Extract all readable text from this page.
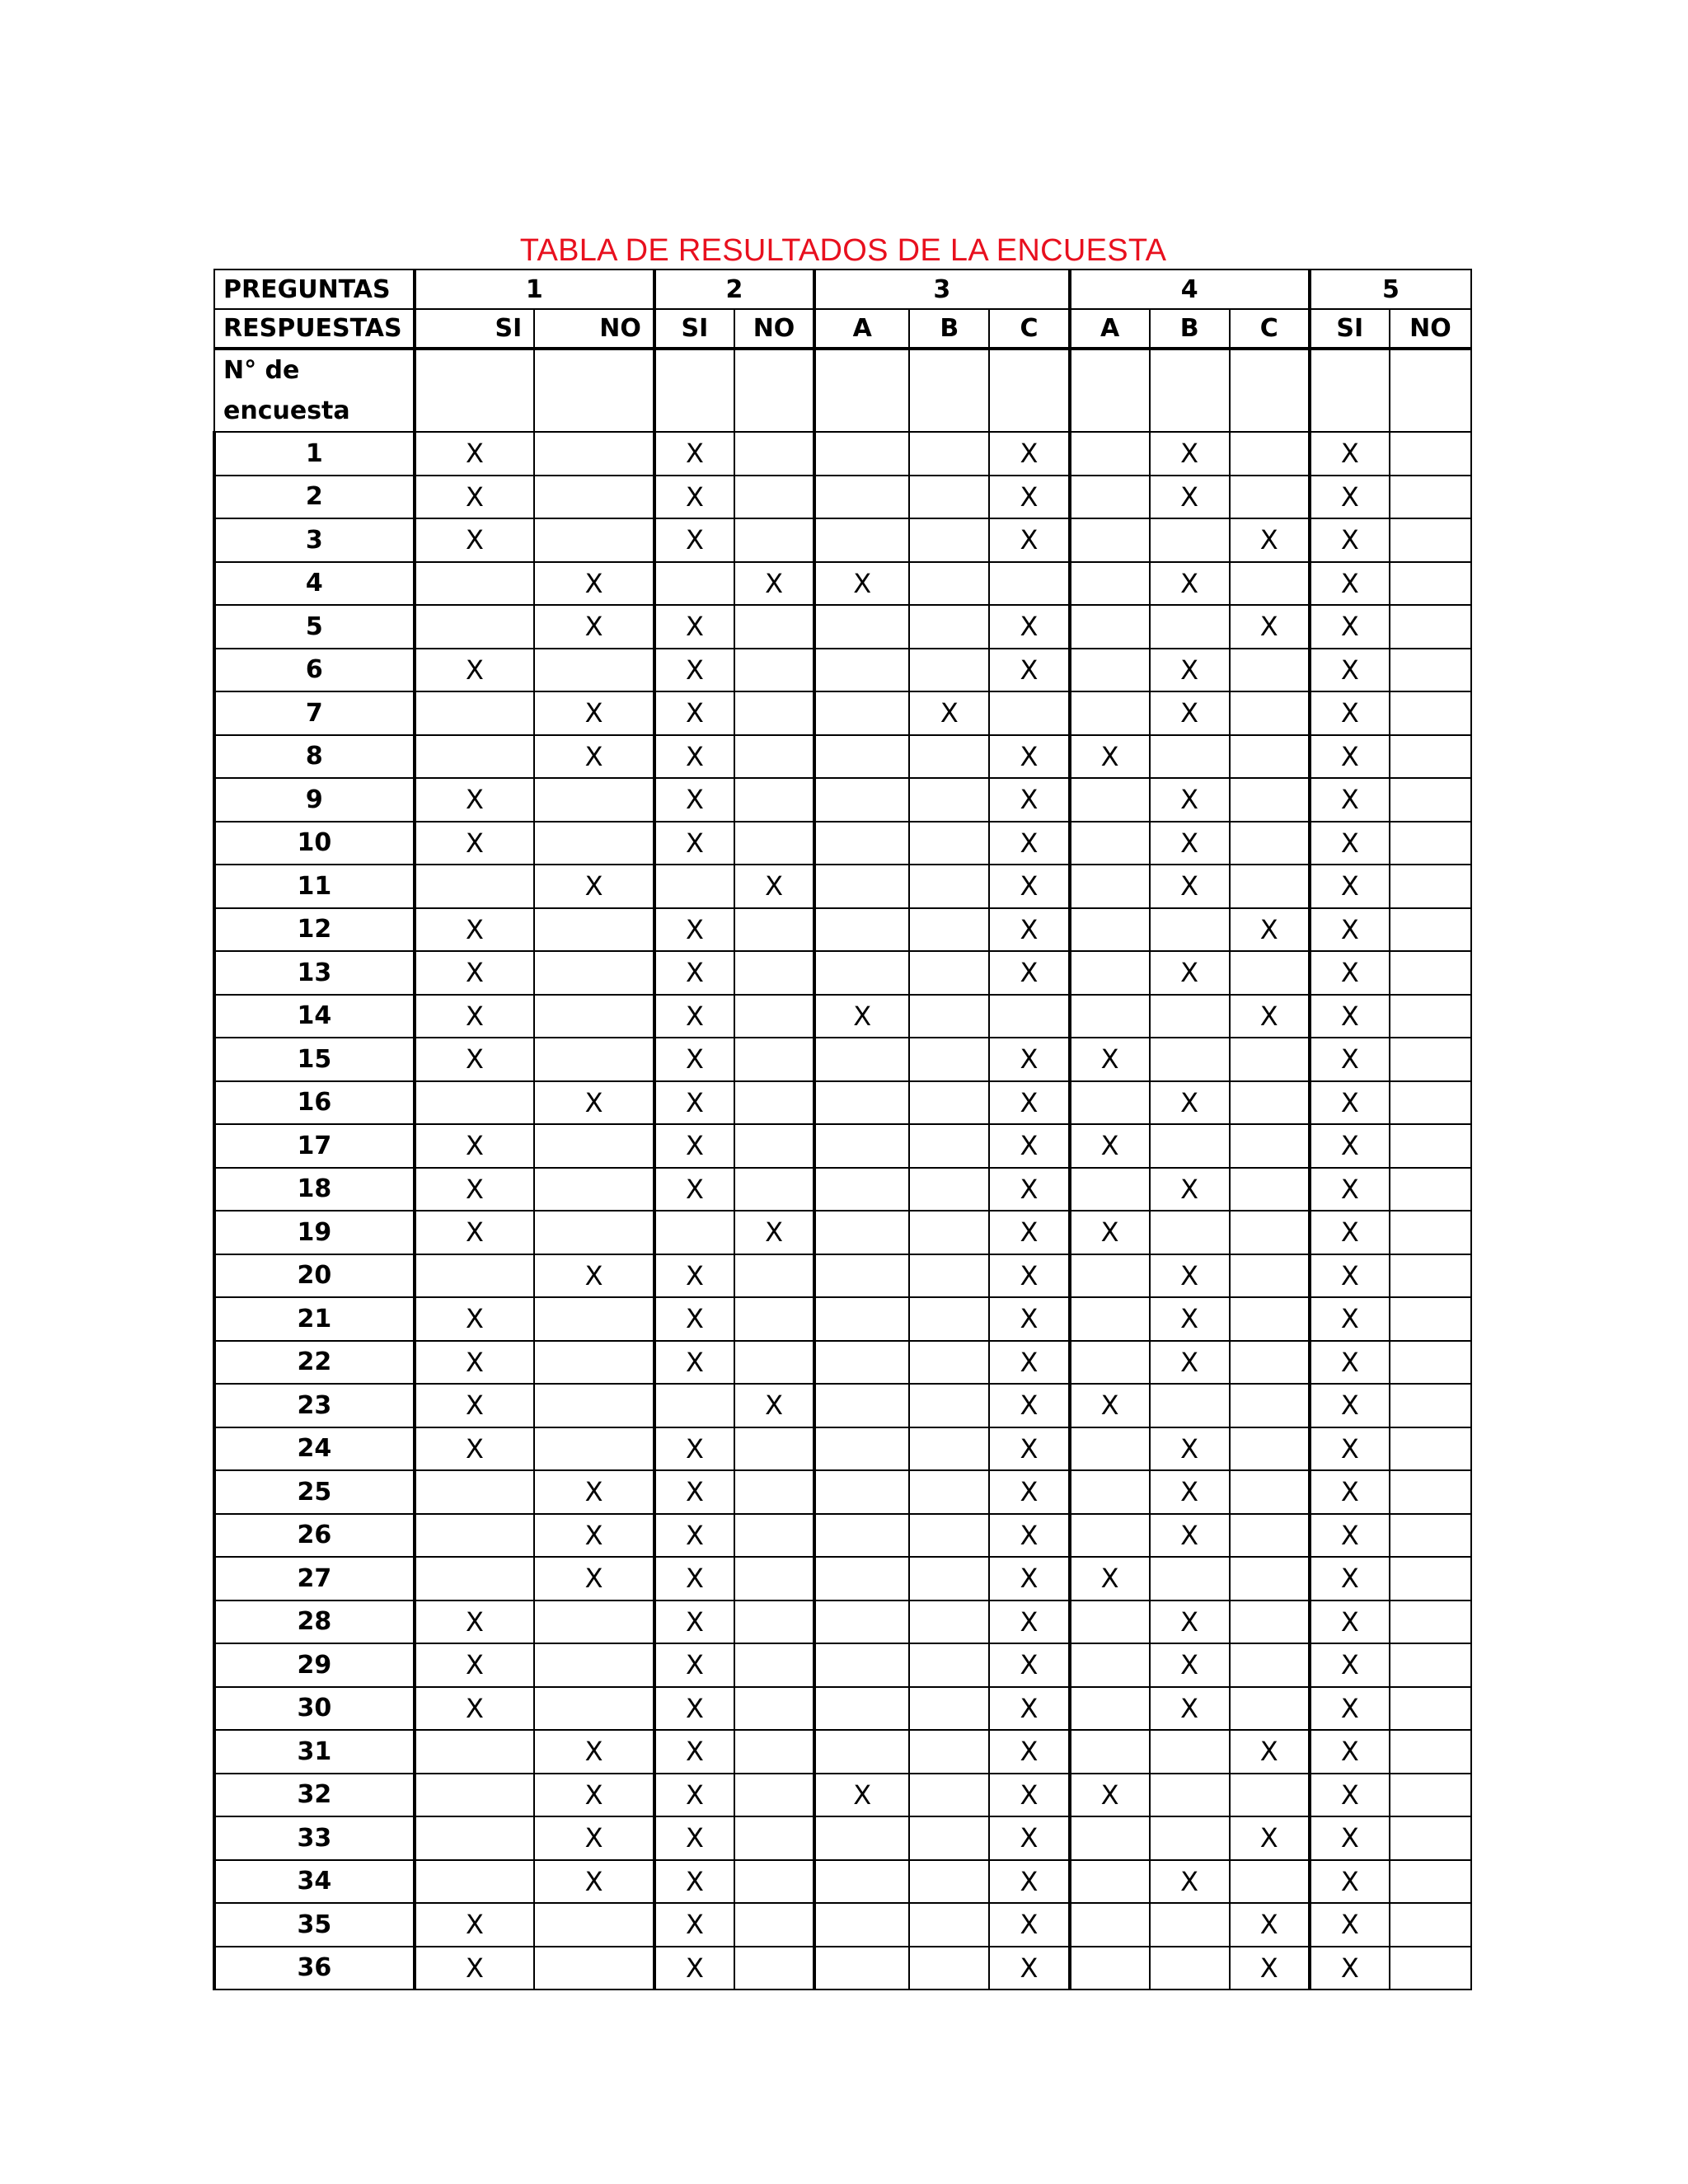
TABLA DE RESULTADOS DE LA ENCUESTA
PREGUNTAS	1		2		3			4			5	
RESPUESTAS	SI	NO	SI	NO	A	B	C	A	B	C	SI	NO
N° de
encuesta												
1	X		X				X		X		X	
2	X		X				X		X		X	
3	X		X				X			X	X	
4		X		X	X				X		X	
5		X	X				X			X	X	
6	X		X				X		X		X	
7		X	X			X			X		X	
8		X	X				X	X			X	
9	X		X				X		X		X	
10	X		X				X		X		X	
11		X		X			X		X		X	
12	X		X				X			X	X	
13	X		X				X		X		X	
14	X		X		X					X	X	
15	X		X				X	X			X	
16		X	X				X		X		X	
17	X		X				X	X			X	
18	X		X				X		X		X	
19	X			X			X	X			X	
20		X	X				X		X		X	
21	X		X				X		X		X	
22	X		X				X		X		X	
23	X			X			X	X			X	
24	X		X				X		X		X	
25		X	X				X		X		X	
26		X	X				X		X		X	
27		X	X				X	X			X	
28	X		X				X		X		X	
29	X		X				X		X		X	
30	X		X				X		X		X	
31		X	X				X			X	X	
32		X	X		X		X	X			X	
33		X	X				X			X	X	
34		X	X				X		X		X	
35	X		X				X			X	X	
36	X		X				X			X	X	
